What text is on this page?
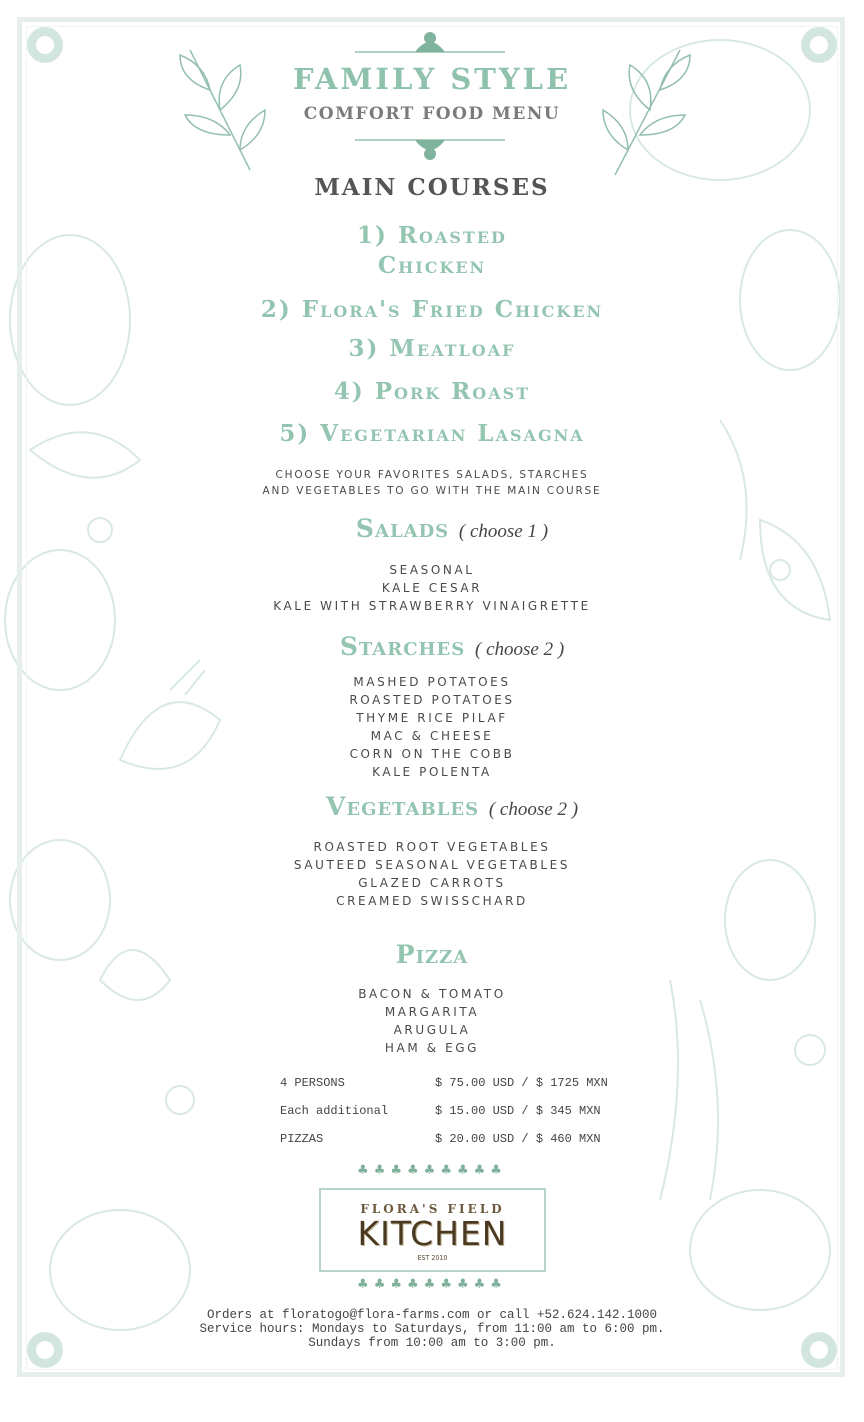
FAMILY STYLE
COMFORT FOOD MENU
MAIN COURSES
1) Roasted
Chicken
2) Flora's Fried Chicken
3) Meatloaf
4) Pork Roast
5) Vegetarian Lasagna
CHOOSE YOUR FAVORITES SALADS, STARCHES
AND VEGETABLES TO GO WITH THE MAIN COURSE
Salads ( choose 1 )
SEASONAL
KALE CESAR
KALE WITH STRAWBERRY VINAIGRETTE
Starches ( choose 2 )
MASHED POTATOES
ROASTED POTATOES
THYME RICE PILAF
MAC & CHEESE
CORN ON THE COBB
KALE POLENTA
Vegetables ( choose 2 )
ROASTED ROOT VEGETABLES
SAUTEED SEASONAL VEGETABLES
GLAZED CARROTS
CREAMED SWISSCHARD
Pizza
BACON & TOMATO
MARGARITA
ARUGULA
HAM & EGG
4 PERSONS	$ 75.00 USD / $ 1725 MXN
Each additional	$ 15.00 USD / $ 345 MXN
PIZZAS	$ 20.00 USD / $ 460 MXN
♣♣♣♣♣♣♣♣♣
FLORA'S FIELD
KITCHEN
EST 2010
♣♣♣♣♣♣♣♣♣
Orders at floratogo@flora-farms.com or call +52.624.142.1000
Service hours: Mondays to Saturdays, from 11:00 am to 6:00 pm.
Sundays from 10:00 am to 3:00 pm.
